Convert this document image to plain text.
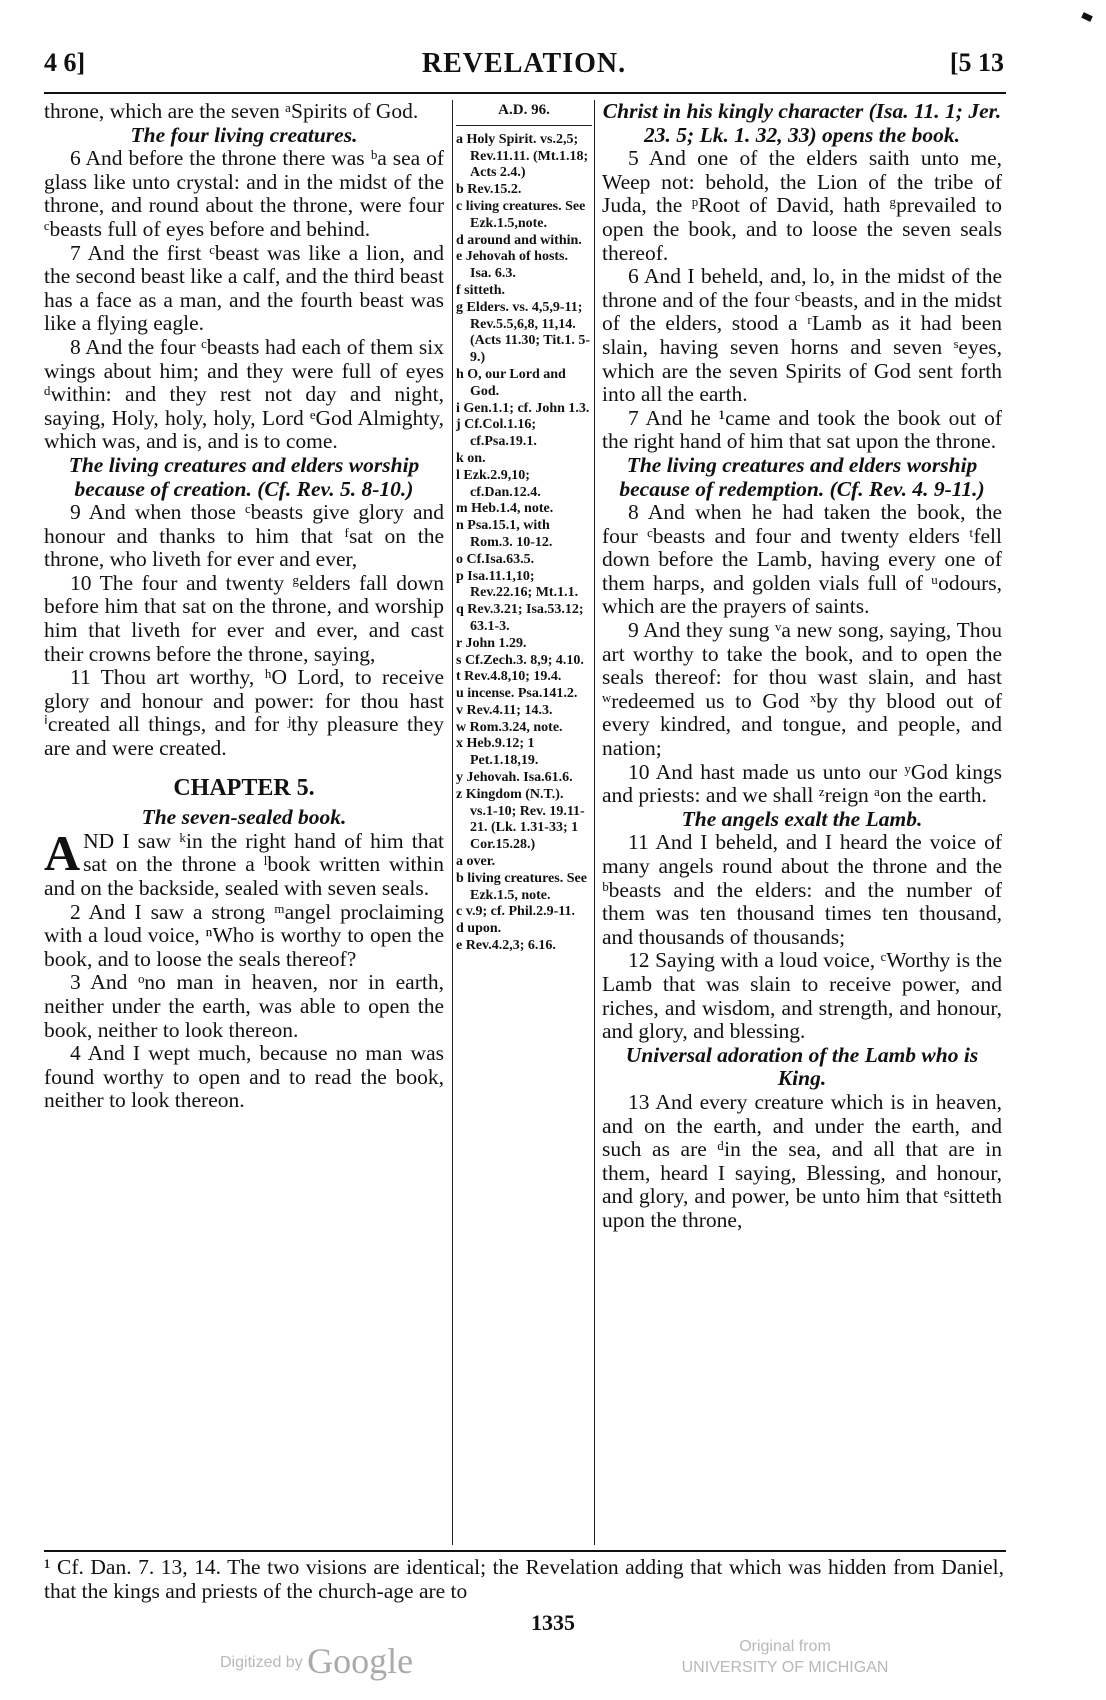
4 6]	REVELATION.	[5 13

throne, which are the seven ᵃSpirits of God.

The four living creatures.

6 And before the throne there was ᵇa sea of glass like unto crystal: and in the midst of the throne, and round about the throne, were four ᶜbeasts full of eyes before and behind.

7 And the first ᶜbeast was like a lion, and the second beast like a calf, and the third beast has a face as a man, and the fourth beast was like a flying eagle.

8 And the four ᶜbeasts had each of them six wings about him; and they were full of eyes ᵈwithin: and they rest not day and night, saying, Holy, holy, holy, Lord ᵉGod Almighty, which was, and is, and is to come.

The living creatures and elders worship because of creation. (Cf. Rev. 5. 8-10.)

9 And when those ᶜbeasts give glory and honour and thanks to him that ᶠsat on the throne, who liveth for ever and ever,

10 The four and twenty ᵍelders fall down before him that sat on the throne, and worship him that liveth for ever and ever, and cast their crowns before the throne, saying,

11 Thou art worthy, ʰO Lord, to receive glory and honour and power: for thou hast ⁱcreated all things, and for ʲthy pleasure they are and were created.

CHAPTER 5.

The seven-sealed book.

AND I saw ᵏin the right hand of him that sat on the throne a ˡbook written within and on the backside, sealed with seven seals.

2 And I saw a strong ᵐangel proclaiming with a loud voice, ⁿWho is worthy to open the book, and to loose the seals thereof?

3 And ᵒno man in heaven, nor in earth, neither under the earth, was able to open the book, neither to look thereon.

4 And I wept much, because no man was found worthy to open and to read the book, neither to look thereon.

A.D. 96.
a Holy Spirit. vs.2,5; Rev.11.11. (Mt.1.18; Acts 2.4.)
b Rev.15.2.
c living creatures. See Ezk.1.5,note.
d around and within.
e Jehovah of hosts. Isa. 6.3.
f sitteth.
g Elders. vs. 4,5,9-11; Rev.5.5,6,8, 11,14. (Acts 11.30; Tit.1. 5-9.)
h O, our Lord and God.
i Gen.1.1; cf. John 1.3.
j Cf.Col.1.16; cf.Psa.19.1.
k on.
l Ezk.2.9,10; cf.Dan.12.4.
m Heb.1.4, note.
n Psa.15.1, with Rom.3. 10-12.
o Cf.Isa.63.5.
p Isa.11.1,10; Rev.22.16; Mt.1.1.
q Rev.3.21; Isa.53.12; 63.1-3.
r John 1.29.
s Cf.Zech.3. 8,9; 4.10.
t Rev.4.8,10; 19.4.
u incense. Psa.141.2.
v Rev.4.11; 14.3.
w Rom.3.24, note.
x Heb.9.12; 1 Pet.1.18,19.
y Jehovah. Isa.61.6.
z Kingdom (N.T.). vs.1-10; Rev. 19.11-21. (Lk. 1.31-33; 1 Cor.15.28.)
a over.
b living creatures. See Ezk.1.5, note.
c v.9; cf. Phil.2.9-11.
d upon.
e Rev.4.2,3; 6.16.

Christ in his kingly character (Isa. 11. 1; Jer. 23. 5; Lk. 1. 32, 33) opens the book.

5 And one of the elders saith unto me, Weep not: behold, the Lion of the tribe of Juda, the ᵖRoot of David, hath ᵍprevailed to open the book, and to loose the seven seals thereof.

6 And I beheld, and, lo, in the midst of the throne and of the four ᶜbeasts, and in the midst of the elders, stood a ʳLamb as it had been slain, having seven horns and seven ˢeyes, which are the seven Spirits of God sent forth into all the earth.

7 And he ¹came and took the book out of the right hand of him that sat upon the throne.

The living creatures and elders worship because of redemption. (Cf. Rev. 4. 9-11.)

8 And when he had taken the book, the four ᶜbeasts and four and twenty elders ᵗfell down before the Lamb, having every one of them harps, and golden vials full of ᵘodours, which are the prayers of saints.

9 And they sung ᵛa new song, saying, Thou art worthy to take the book, and to open the seals thereof: for thou wast slain, and hast ʷredeemed us to God ˣby thy blood out of every kindred, and tongue, and people, and nation;

10 And hast made us unto our ʸGod kings and priests: and we shall ᶻreign ᵃon the earth.

The angels exalt the Lamb.

11 And I beheld, and I heard the voice of many angels round about the throne and the ᵇbeasts and the elders: and the number of them was ten thousand times ten thousand, and thousands of thousands;

12 Saying with a loud voice, ᶜWorthy is the Lamb that was slain to receive power, and riches, and wisdom, and strength, and honour, and glory, and blessing.

Universal adoration of the Lamb who is King.

13 And every creature which is in heaven, and on the earth, and under the earth, and such as are ᵈin the sea, and all that are in them, heard I saying, Blessing, and honour, and glory, and power, be unto him that ᵉsitteth upon the throne,

¹ Cf. Dan. 7. 13, 14. The two visions are identical; the Revelation adding that which was hidden from Daniel, that the kings and priests of the church-age are to
1335
Digitized by Google	Original from
UNIVERSITY OF MICHIGAN
